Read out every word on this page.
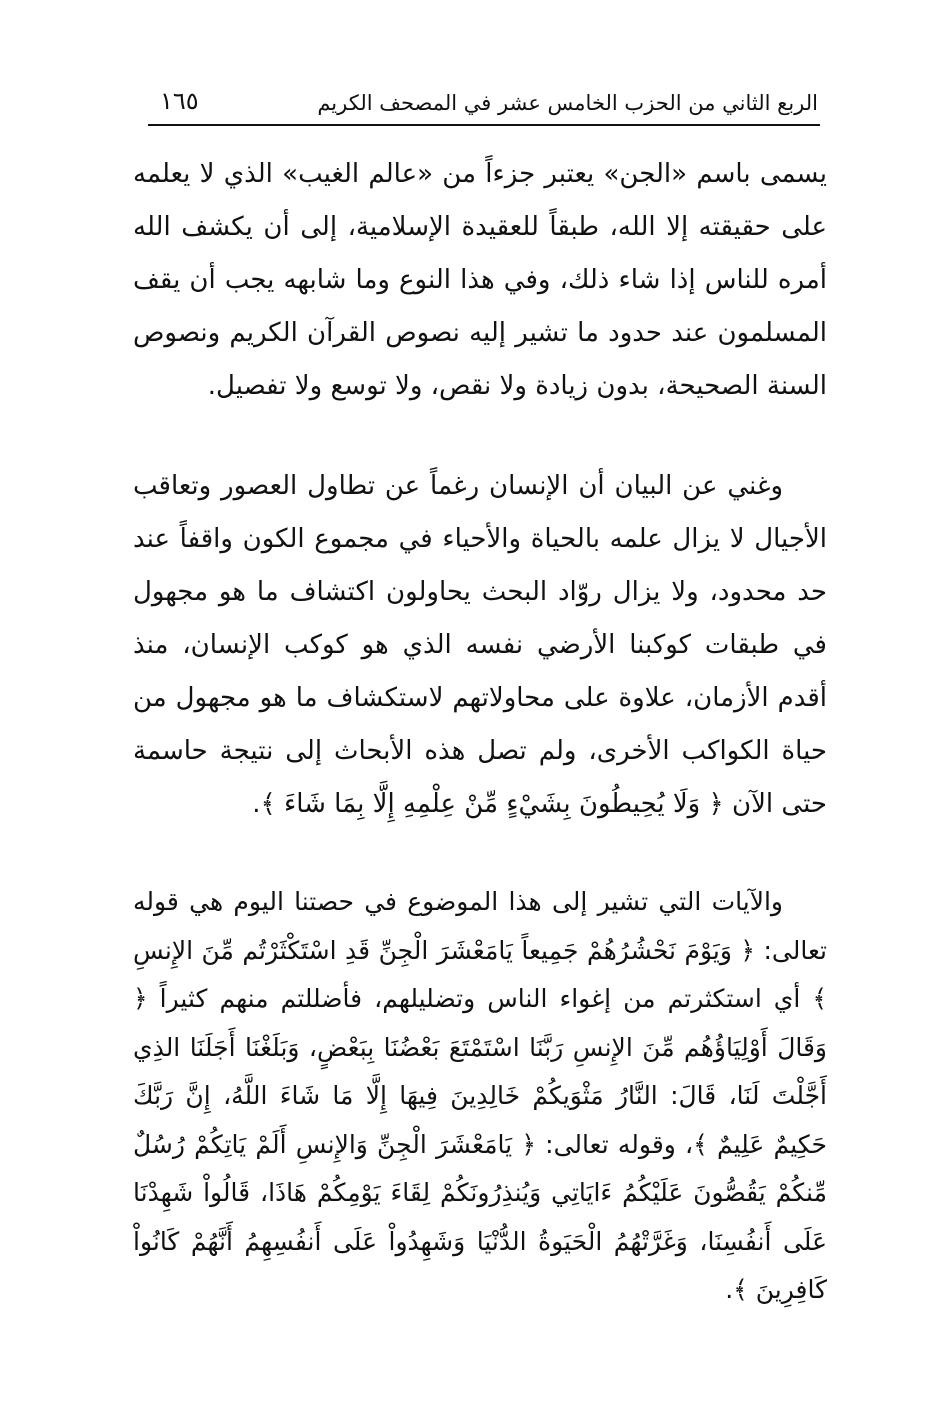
الربع الثاني من الحزب الخامس عشر في المصحف الكريم
١٦٥

يسمى باسم «الجن» يعتبر جزءاً من «عالم الغيب» الذي لا يعلمه على حقيقته إلا الله، طبقاً للعقيدة الإسلامية، إلى أن يكشف الله أمره للناس إذا شاء ذلك، وفي هذا النوع وما شابهه يجب أن يقف المسلمون عند حدود ما تشير إليه نصوص القرآن الكريم ونصوص السنة الصحيحة، بدون زيادة ولا نقص، ولا توسع ولا تفصيل.

وغني عن البيان أن الإنسان رغماً عن تطاول العصور وتعاقب الأجيال لا يزال علمه بالحياة والأحياء في مجموع الكون واقفاً عند حد محدود، ولا يزال روّاد البحث يحاولون اكتشاف ما هو مجهول في طبقات كوكبنا الأرضي نفسه الذي هو كوكب الإنسان، منذ أقدم الأزمان، علاوة على محاولاتهم لاستكشاف ما هو مجهول من حياة الكواكب الأخرى، ولم تصل هذه الأبحاث إلى نتيجة حاسمة حتى الآن ﴿ وَلَا يُحِيطُونَ بِشَيْءٍ مِّنْ عِلْمِهِ إِلَّا بِمَا شَاءَ ﴾.

والآيات التي تشير إلى هذا الموضوع في حصتنا اليوم هي قوله تعالى: ﴿ وَيَوْمَ نَحْشُرُهُمْ جَمِيعاً يَامَعْشَرَ الْجِنِّ قَدِ اسْتَكْثَرْتُم مِّنَ الإِنسِ ﴾ أي استكثرتم من إغواء الناس وتضليلهم، فأضللتم منهم كثيراً ﴿ وَقَالَ أَوْلِيَاؤُهُم مِّنَ الإِنسِ رَبَّنَا اسْتَمْتَعَ بَعْضُنَا بِبَعْضٍ، وَبَلَغْنَا أَجَلَنَا الذِي أَجَّلْتَ لَنَا، قَالَ: النَّارُ مَثْوَيكُمْ خَالِدِينَ فِيهَا إِلَّا مَا شَاءَ اللَّهُ، إِنَّ رَبَّكَ حَكِيمٌ عَلِيمٌ ﴾، وقوله تعالى: ﴿ يَامَعْشَرَ الْجِنِّ وَالإِنسِ أَلَمْ يَاتِكُمْ رُسُلٌ مِّنكُمْ يَقُصُّونَ عَلَيْكُمُ ءَايَاتِي وَيُنذِرُونَكُمْ لِقَاءَ يَوْمِكُمْ هَاذَا، قَالُواْ شَهِدْنَا عَلَى أَنفُسِنَا، وَغَرَّتْهُمُ الْحَيَوةُ الدُّنْيَا وَشَهِدُواْ عَلَى أَنفُسِهِمُ أَنَّهُمْ كَانُواْ كَافِرِينَ ﴾.
